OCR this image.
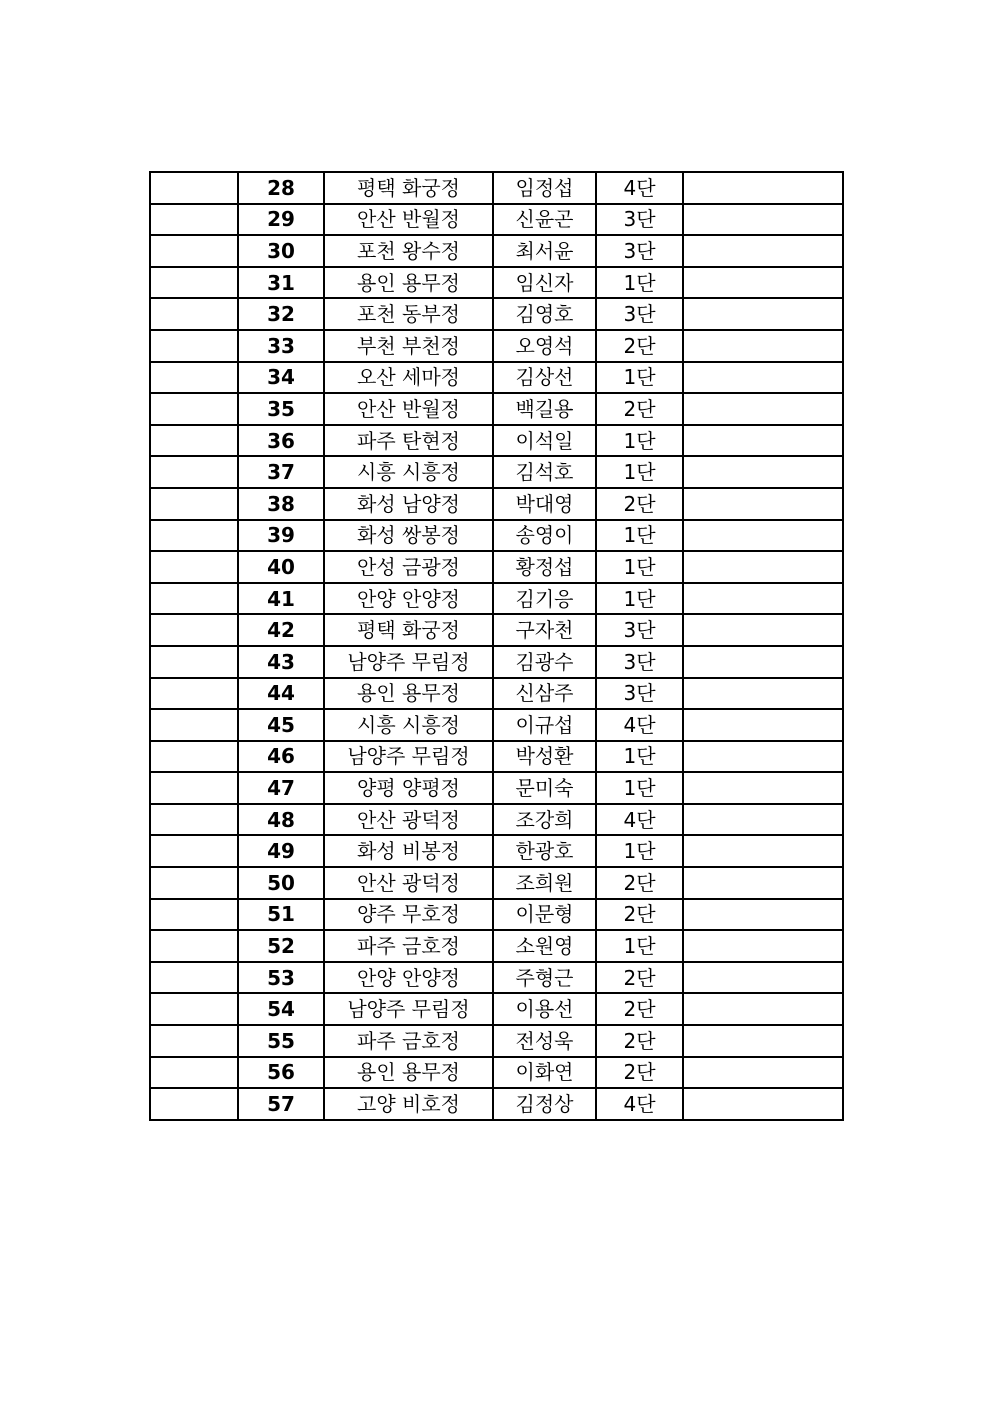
	28	평택 화궁정	임정섭	4단	
	29	안산 반월정	신윤곤	3단	
	30	포천 왕수정	최서윤	3단	
	31	용인 용무정	임신자	1단	
	32	포천 동부정	김영호	3단	
	33	부천 부천정	오영석	2단	
	34	오산 세마정	김상선	1단	
	35	안산 반월정	백길용	2단	
	36	파주 탄현정	이석일	1단	
	37	시흥 시흥정	김석호	1단	
	38	화성 남양정	박대영	2단	
	39	화성 쌍봉정	송영이	1단	
	40	안성 금광정	황정섭	1단	
	41	안양 안양정	김기응	1단	
	42	평택 화궁정	구자천	3단	
	43	남양주 무림정	김광수	3단	
	44	용인 용무정	신삼주	3단	
	45	시흥 시흥정	이규섭	4단	
	46	남양주 무림정	박성환	1단	
	47	양평 양평정	문미숙	1단	
	48	안산 광덕정	조강희	4단	
	49	화성 비봉정	한광호	1단	
	50	안산 광덕정	조희원	2단	
	51	양주 무호정	이문형	2단	
	52	파주 금호정	소원영	1단	
	53	안양 안양정	주형근	2단	
	54	남양주 무림정	이용선	2단	
	55	파주 금호정	전성욱	2단	
	56	용인 용무정	이화연	2단	
	57	고양 비호정	김정상	4단	
